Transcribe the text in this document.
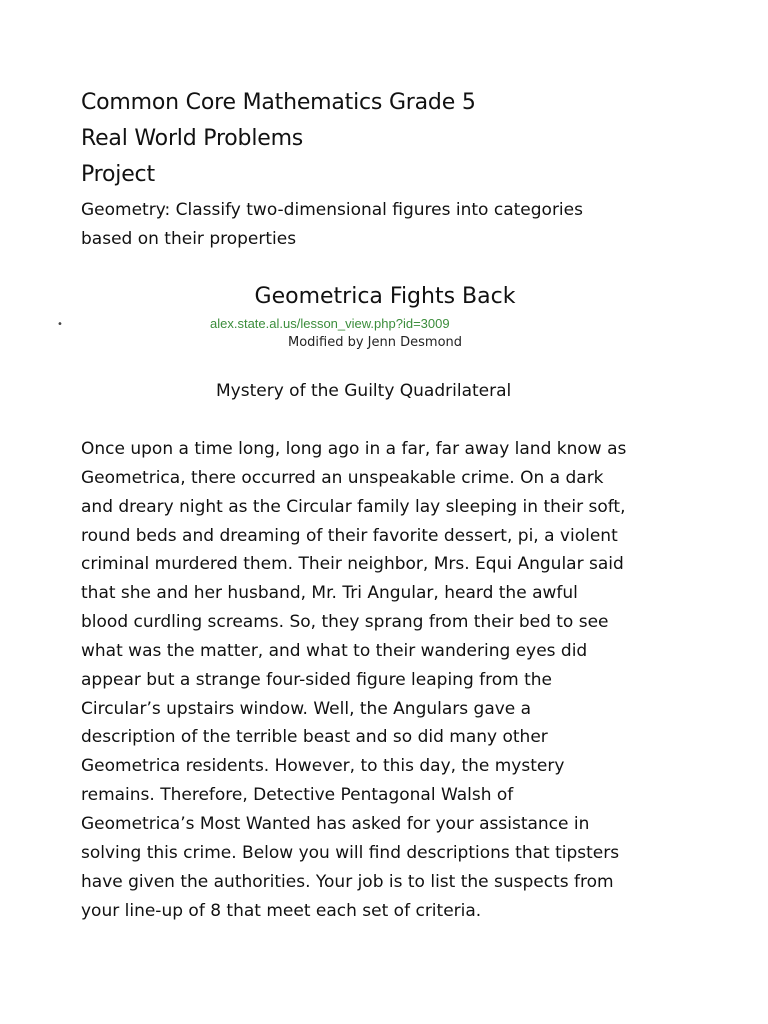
Common Core Mathematics Grade 5
Real World Problems
Project
Geometry: Classify two-dimensional figures into categories
based on their properties
Geometrica Fights Back
•	alex.state.al.us/lesson_view.php?id=3009
Modified by Jenn Desmond
Mystery of the Guilty Quadrilateral
Once upon a time long, long ago in a far, far away land know as
Geometrica, there occurred an unspeakable crime. On a dark
and dreary night as the Circular family lay sleeping in their soft,
round beds and dreaming of their favorite dessert, pi, a violent
criminal murdered them. Their neighbor, Mrs. Equi Angular said
that she and her husband, Mr. Tri Angular, heard the awful
blood curdling screams. So, they sprang from their bed to see
what was the matter, and what to their wandering eyes did
appear but a strange four-sided figure leaping from the
Circular’s upstairs window. Well, the Angulars gave a
description of the terrible beast and so did many other
Geometrica residents. However, to this day, the mystery
remains. Therefore, Detective Pentagonal Walsh of
Geometrica’s Most Wanted has asked for your assistance in
solving this crime. Below you will find descriptions that tipsters
have given the authorities. Your job is to list the suspects from
your line-up of 8 that meet each set of criteria.
